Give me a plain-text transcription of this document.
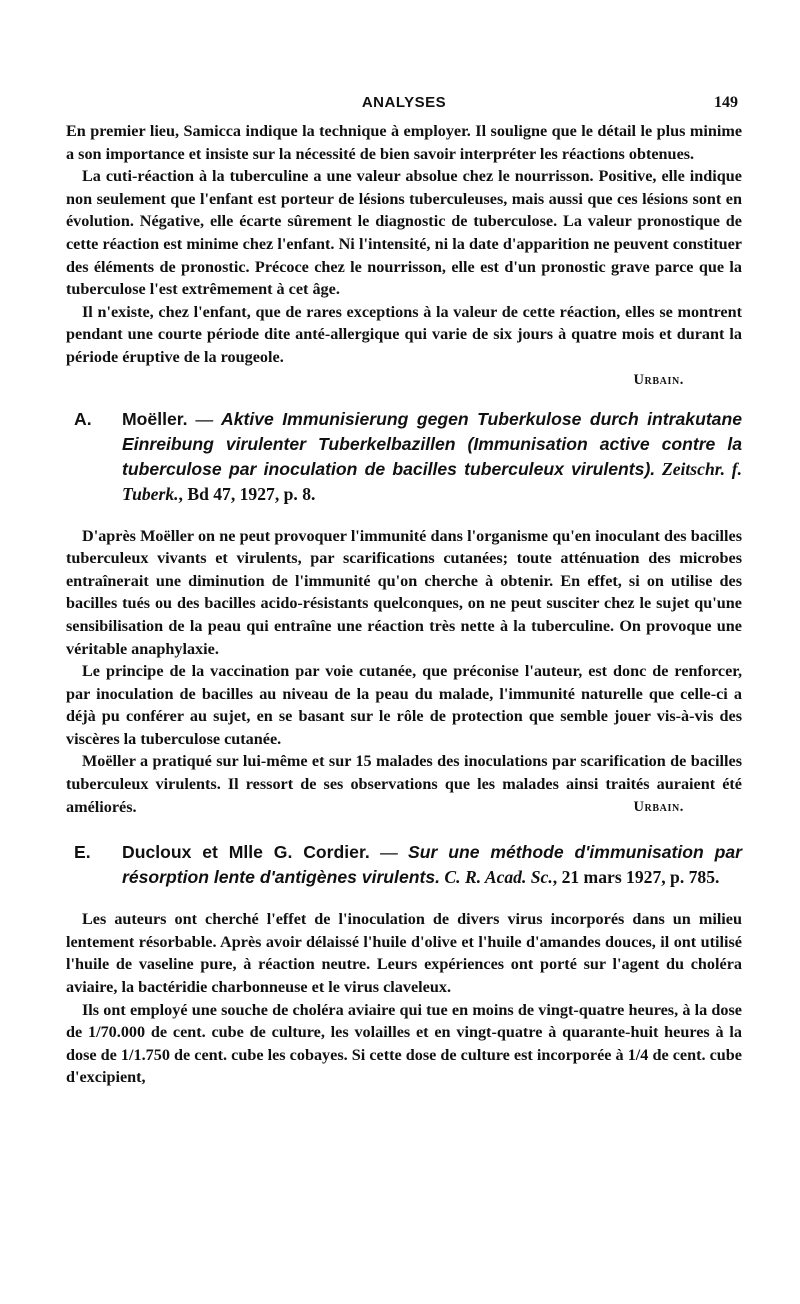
ANALYSES	149

En premier lieu, Samicca indique la technique à employer. Il souligne que le détail le plus minime a son importance et insiste sur la nécessité de bien savoir interpréter les réactions obtenues.

La cuti-réaction à la tuberculine a une valeur absolue chez le nourrisson. Positive, elle indique non seulement que l'enfant est porteur de lésions tuberculeuses, mais aussi que ces lésions sont en évolution. Négative, elle écarte sûrement le diagnostic de tuberculose. La valeur pronostique de cette réaction est minime chez l'enfant. Ni l'intensité, ni la date d'apparition ne peuvent constituer des éléments de pronostic. Précoce chez le nourrisson, elle est d'un pronostic grave parce que la tuberculose l'est extrêmement à cet âge.

Il n'existe, chez l'enfant, que de rares exceptions à la valeur de cette réaction, elles se montrent pendant une courte période dite anté-allergique qui varie de six jours à quatre mois et durant la période éruptive de la rougeole.

Urbain.
A. Moëller. — Aktive Immunisierung gegen Tuberkulose durch intrakutane Einreibung virulenter Tuberkelbazillen (Immunisation active contre la tuberculose par inoculation de bacilles tuberculeux virulents). Zeitschr. f. Tuberk., Bd 47, 1927, p. 8.

D'après Moëller on ne peut provoquer l'immunité dans l'organisme qu'en inoculant des bacilles tuberculeux vivants et virulents, par scarifications cutanées; toute atténuation des microbes entraînerait une diminution de l'immunité qu'on cherche à obtenir. En effet, si on utilise des bacilles tués ou des bacilles acido-résistants quelconques, on ne peut susciter chez le sujet qu'une sensibilisation de la peau qui entraîne une réaction très nette à la tuberculine. On provoque une véritable anaphylaxie.

Le principe de la vaccination par voie cutanée, que préconise l'auteur, est donc de renforcer, par inoculation de bacilles au niveau de la peau du malade, l'immunité naturelle que celle-ci a déjà pu conférer au sujet, en se basant sur le rôle de protection que semble jouer vis-à-vis des viscères la tuberculose cutanée.

Moëller a pratiqué sur lui-même et sur 15 malades des inoculations par scarification de bacilles tuberculeux virulents. Il ressort de ses observations que les malades ainsi traités auraient été améliorés.	Urbain.

E. Ducloux et Mlle G. Cordier. — Sur une méthode d'immunisation par résorption lente d'antigènes virulents. C. R. Acad. Sc., 21 mars 1927, p. 785.

Les auteurs ont cherché l'effet de l'inoculation de divers virus incorporés dans un milieu lentement résorbable. Après avoir délaissé l'huile d'olive et l'huile d'amandes douces, il ont utilisé l'huile de vaseline pure, à réaction neutre. Leurs expériences ont porté sur l'agent du choléra aviaire, la bactéridie charbonneuse et le virus claveleux.

Ils ont employé une souche de choléra aviaire qui tue en moins de vingt-quatre heures, à la dose de 1/70.000 de cent. cube de culture, les volailles et en vingt-quatre à quarante-huit heures à la dose de 1/1.750 de cent. cube les cobayes. Si cette dose de culture est incorporée à 1/4 de cent. cube d'excipient,
